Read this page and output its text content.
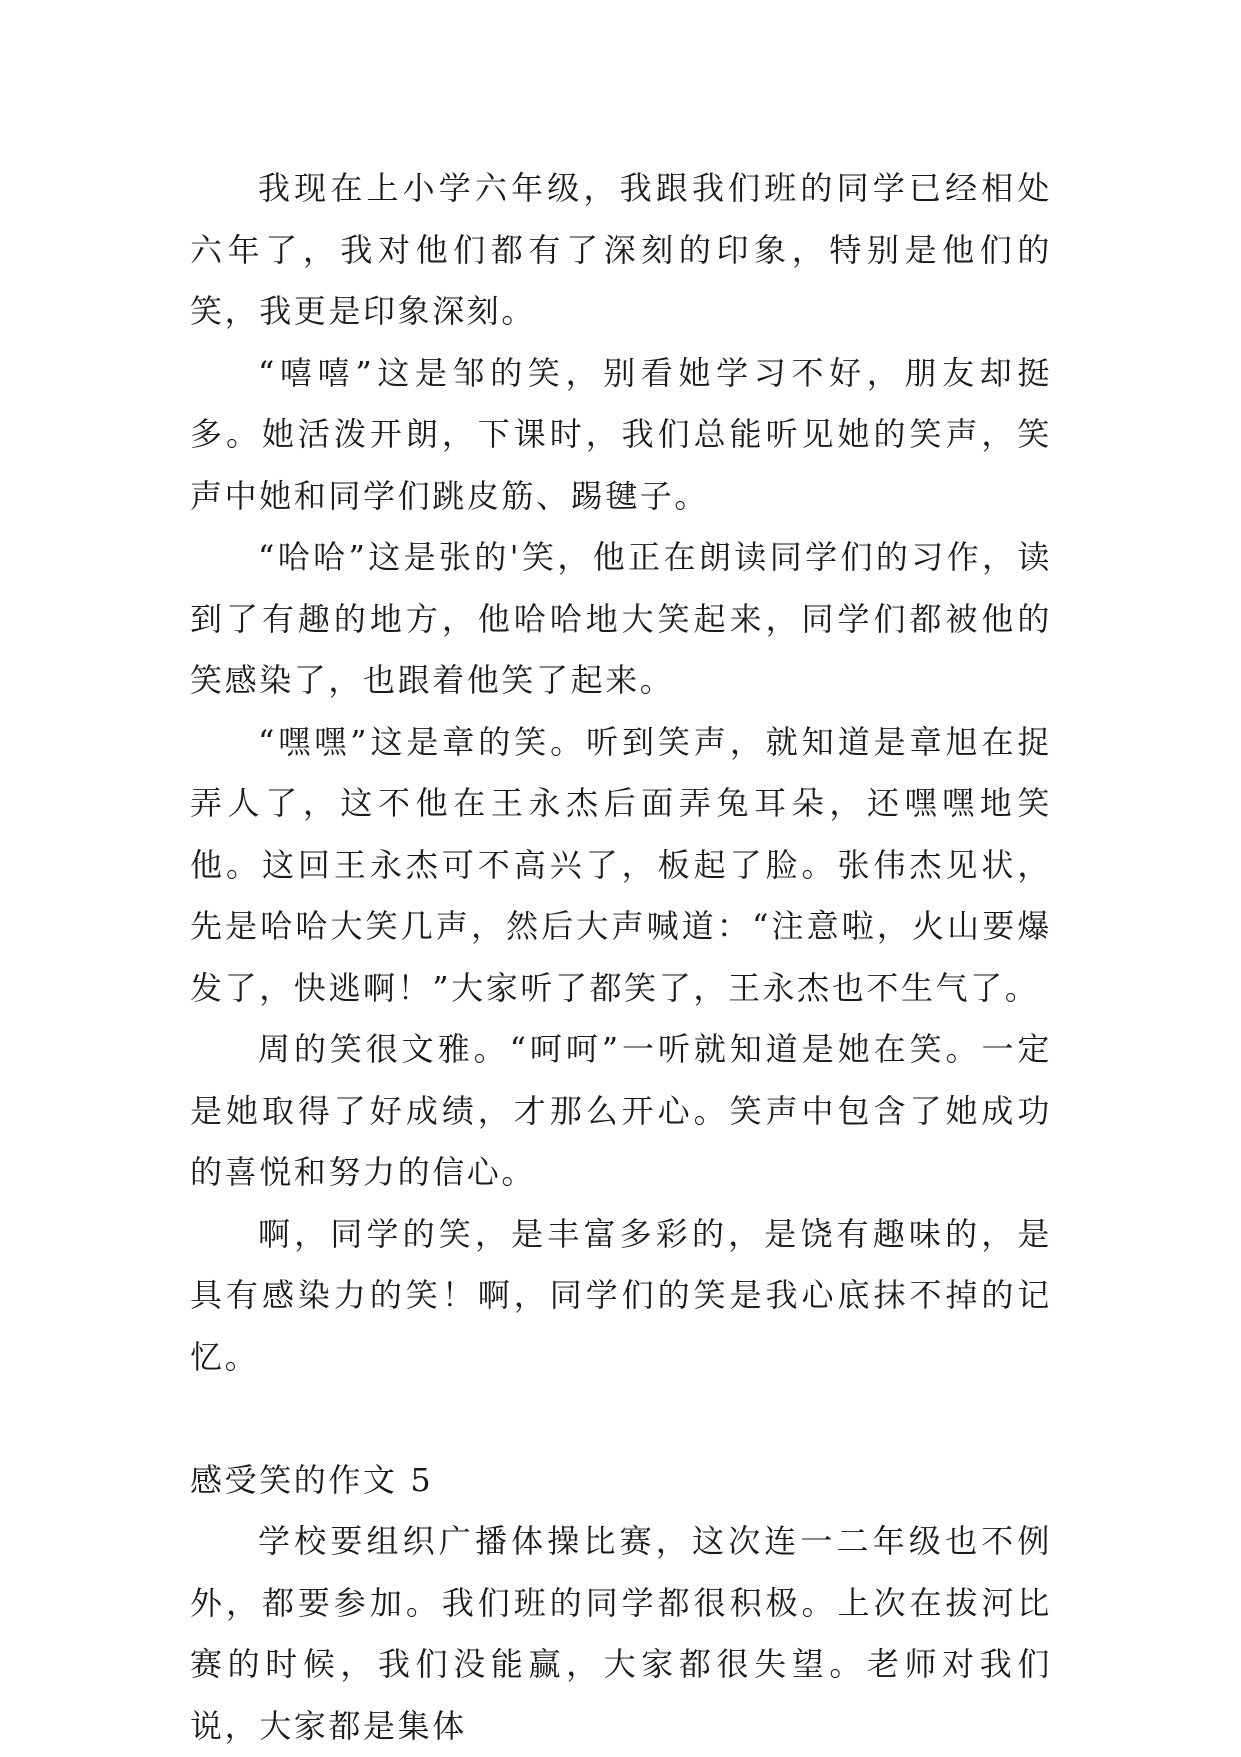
我现在上小学六年级，我跟我们班的同学已经相处六年了，我对他们都有了深刻的印象，特别是他们的笑，我更是印象深刻。

“嘻嘻”这是邹的笑，别看她学习不好，朋友却挺多。她活泼开朗，下课时，我们总能听见她的笑声，笑声中她和同学们跳皮筋、踢毽子。

“哈哈”这是张的'笑，他正在朗读同学们的习作，读到了有趣的地方，他哈哈地大笑起来，同学们都被他的笑感染了，也跟着他笑了起来。

“嘿嘿”这是章的笑。听到笑声，就知道是章旭在捉弄人了，这不他在王永杰后面弄兔耳朵，还嘿嘿地笑他。这回王永杰可不高兴了，板起了脸。张伟杰见状，先是哈哈大笑几声，然后大声喊道：“注意啦，火山要爆发了，快逃啊！”大家听了都笑了，王永杰也不生气了。

周的笑很文雅。“呵呵”一听就知道是她在笑。一定是她取得了好成绩，才那么开心。笑声中包含了她成功的喜悦和努力的信心。

啊，同学的笑，是丰富多彩的，是饶有趣味的，是具有感染力的笑！啊，同学们的笑是我心底抹不掉的记忆。

感受笑的作文 5

学校要组织广播体操比赛，这次连一二年级也不例外，都要参加。我们班的同学都很积极。上次在拔河比赛的时候，我们没能赢，大家都很失望。老师对我们说，大家都是集体
